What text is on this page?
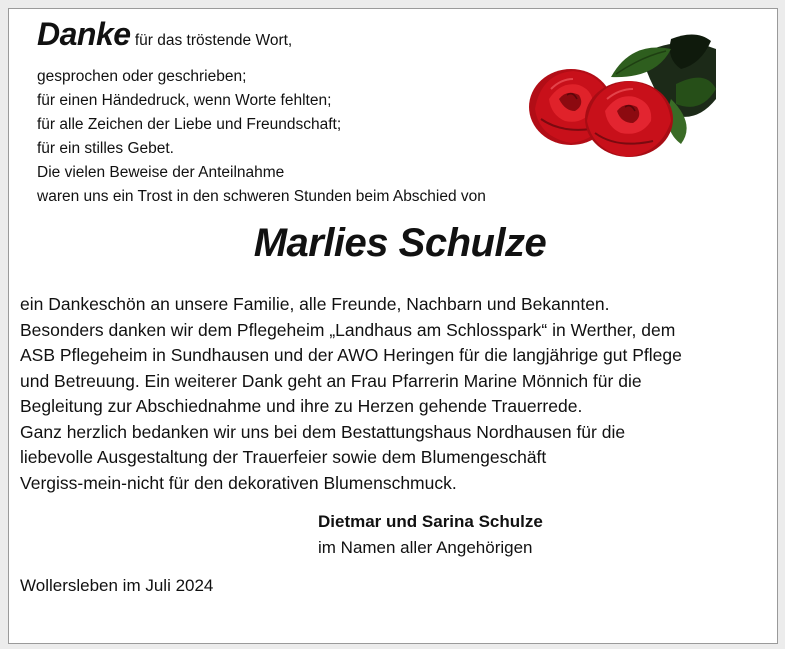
Danke für das tröstende Wort,
gesprochen oder geschrieben;
für einen Händedruck, wenn Worte fehlten;
für alle Zeichen der Liebe und Freundschaft;
für ein stilles Gebet.
Die vielen Beweise der Anteilnahme
waren uns ein Trost in den schweren Stunden beim Abschied von
Marlies Schulze
ein Dankeschön an unsere Familie, alle Freunde, Nachbarn und Bekannten.
Besonders danken wir dem Pflegeheim „Landhaus am Schlosspark“ in Werther, dem
ASB Pflegeheim in Sundhausen und der AWO Heringen für die langjährige gut Pflege
und Betreuung. Ein weiterer Dank geht an Frau Pfarrerin Marine Mönnich für die
Begleitung zur Abschiednahme und ihre zu Herzen gehende Trauerrede.
Ganz herzlich bedanken wir uns bei dem Bestattungshaus Nordhausen für die
liebevolle Ausgestaltung der Trauerfeier sowie dem Blumengeschäft
Vergiss-mein-nicht für den dekorativen Blumenschmuck.
Dietmar und Sarina Schulze
im Namen aller Angehörigen
Wollersleben im Juli 2024
